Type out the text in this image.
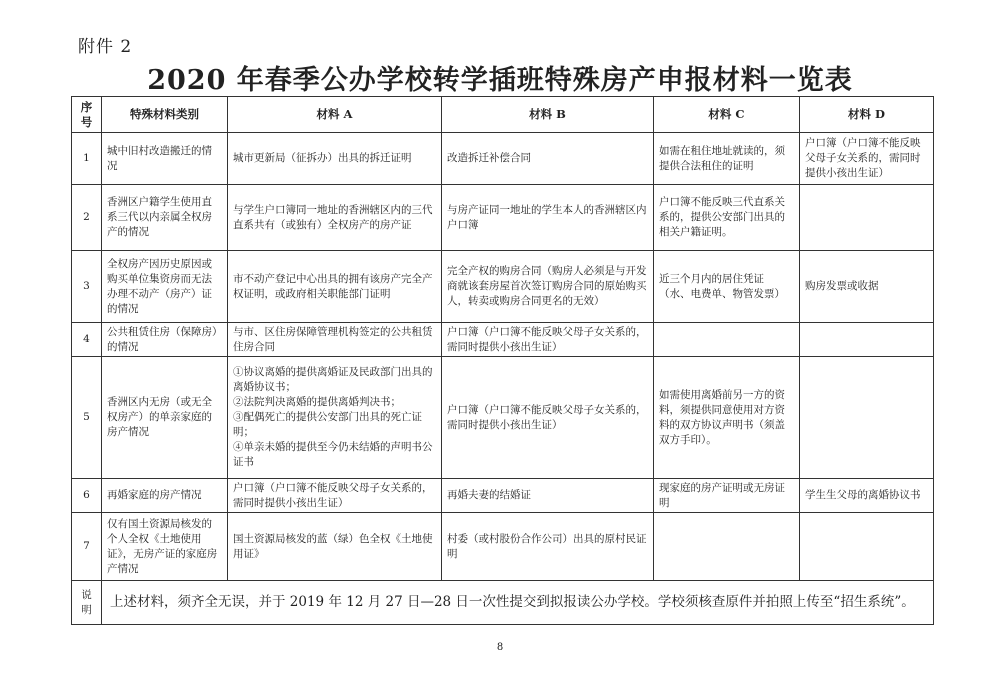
附件 2
2020 年春季公办学校转学插班特殊房产申报材料一览表
序号	特殊材料类别	材料 A	材料 B	材料 C	材料 D
1	城中旧村改造搬迁的情况	城市更新局（征拆办）出具的拆迁证明	改造拆迁补偿合同	如需在租住地址就读的，须提供合法租住的证明	户口簿（户口簿不能反映父母子女关系的，需同时提供小孩出生证）
2	香洲区户籍学生使用直系三代以内亲属全权房产的情况	与学生户口簿同一地址的香洲辖区内的三代直系共有（或独有）全权房产的房产证	与房产证同一地址的学生本人的香洲辖区内户口簿	户口簿不能反映三代直系关系的，提供公安部门出具的相关户籍证明。	
3	全权房产因历史原因或购买单位集资房而无法办理不动产（房产）证的情况	市不动产登记中心出具的拥有该房产完全产权证明，或政府相关职能部门证明	完全产权的购房合同（购房人必须是与开发商就该套房屋首次签订购房合同的原始购买人，转卖或购房合同更名的无效）	近三个月内的居住凭证（水、电费单、物管发票）	购房发票或收据
4	公共租赁住房（保障房）的情况	与市、区住房保障管理机构签定的公共租赁住房合同	户口簿（户口簿不能反映父母子女关系的，需同时提供小孩出生证）		
5	香洲区内无房（或无全权房产）的单亲家庭的房产情况	①协议离婚的提供离婚证及民政部门出具的离婚协议书；
②法院判决离婚的提供离婚判决书；
③配偶死亡的提供公安部门出具的死亡证明；
④单亲未婚的提供至今仍未结婚的声明书公证书	户口簿（户口簿不能反映父母子女关系的，需同时提供小孩出生证）	如需使用离婚前另一方的资料，须提供同意使用对方资料的双方协议声明书（须盖双方手印）。	
6	再婚家庭的房产情况	户口簿（户口簿不能反映父母子女关系的，需同时提供小孩出生证）	再婚夫妻的结婚证	现家庭的房产证明或无房证明	学生生父母的离婚协议书
7	仅有国土资源局核发的个人全权《土地使用证》，无房产证的家庭房产情况	国土资源局核发的蓝（绿）色全权《土地使用证》	村委（或村股份合作公司）出具的原村民证明		
说明	上述材料，须齐全无误，并于 2019 年 12 月 27 日—28 日一次性提交到拟报读公办学校。学校须核查原件并拍照上传至“招生系统”。				
8
